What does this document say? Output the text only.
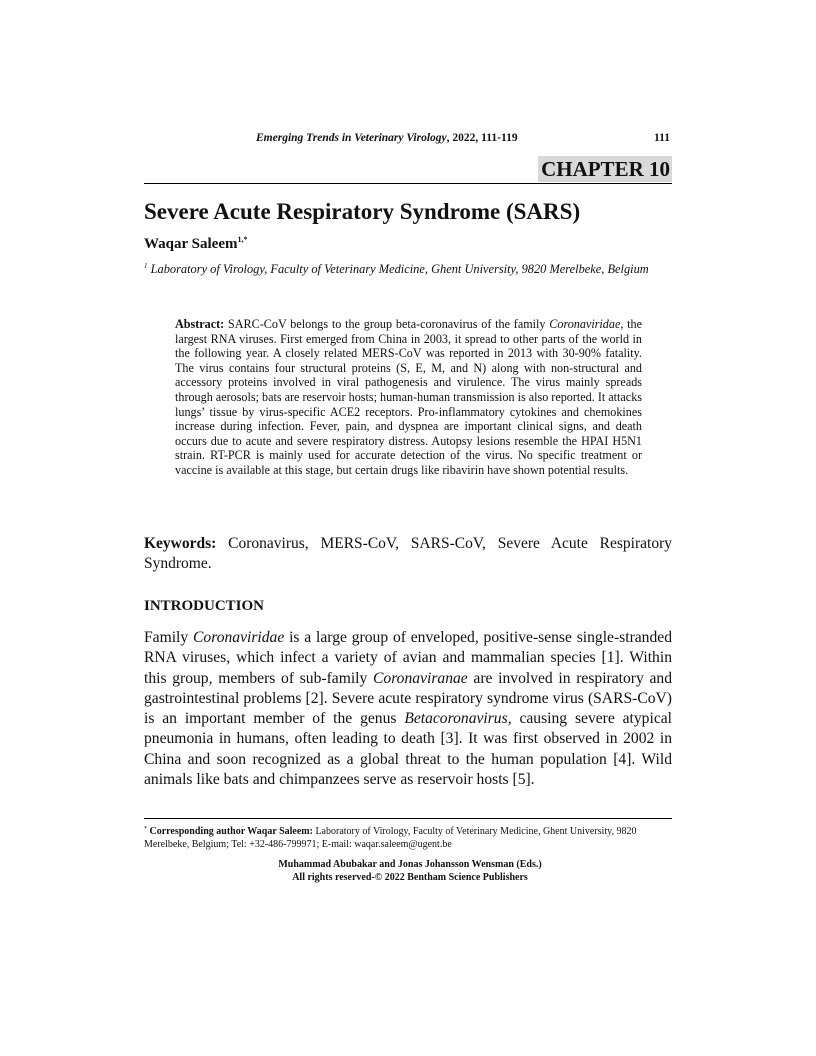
Emerging Trends in Veterinary Virology, 2022, 111-119	111
CHAPTER 10
Severe Acute Respiratory Syndrome (SARS)
Waqar Saleem$^{1,*}$
$^1$ Laboratory of Virology, Faculty of Veterinary Medicine, Ghent University, 9820 Merelbeke, Belgium
Abstract: SARC-CoV belongs to the group beta-coronavirus of the family Coronaviridae, the largest RNA viruses. First emerged from China in 2003, it spread to other parts of the world in the following year. A closely related MERS-CoV was reported in 2013 with 30-90% fatality. The virus contains four structural proteins (S, E, M, and N) along with non-structural and accessory proteins involved in viral pathogenesis and virulence. The virus mainly spreads through aerosols; bats are reservoir hosts; human-human transmission is also reported. It attacks lungs’ tissue by virus-specific ACE2 receptors. Pro-inflammatory cytokines and chemokines increase during infection. Fever, pain, and dyspnea are important clinical signs, and death occurs due to acute and severe respiratory distress. Autopsy lesions resemble the HPAI H5N1 strain. RT-PCR is mainly used for accurate detection of the virus. No specific treatment or vaccine is available at this stage, but certain drugs like ribavirin have shown potential results.
Keywords: Coronavirus, MERS-CoV, SARS-CoV, Severe Acute Respiratory Syndrome.
INTRODUCTION
Family Coronaviridae is a large group of enveloped, positive-sense single-stranded RNA viruses, which infect a variety of avian and mammalian species [1]. Within this group, members of sub-family Coronaviranae are involved in respiratory and gastrointestinal problems [2]. Severe acute respiratory syndrome virus (SARS-CoV) is an important member of the genus Betacoronavirus, causing severe atypical pneumonia in humans, often leading to death [3]. It was first observed in 2002 in China and soon recognized as a global threat to the human population [4]. Wild animals like bats and chimpanzees serve as reservoir hosts [5].
* Corresponding author Waqar Saleem: Laboratory of Virology, Faculty of Veterinary Medicine, Ghent University, 9820 Merelbeke, Belgium; Tel: +32-486-799971; E-mail: waqar.saleem@ugent.be
Muhammad Abubakar and Jonas Johansson Wensman (Eds.)
All rights reserved-© 2022 Bentham Science Publishers
